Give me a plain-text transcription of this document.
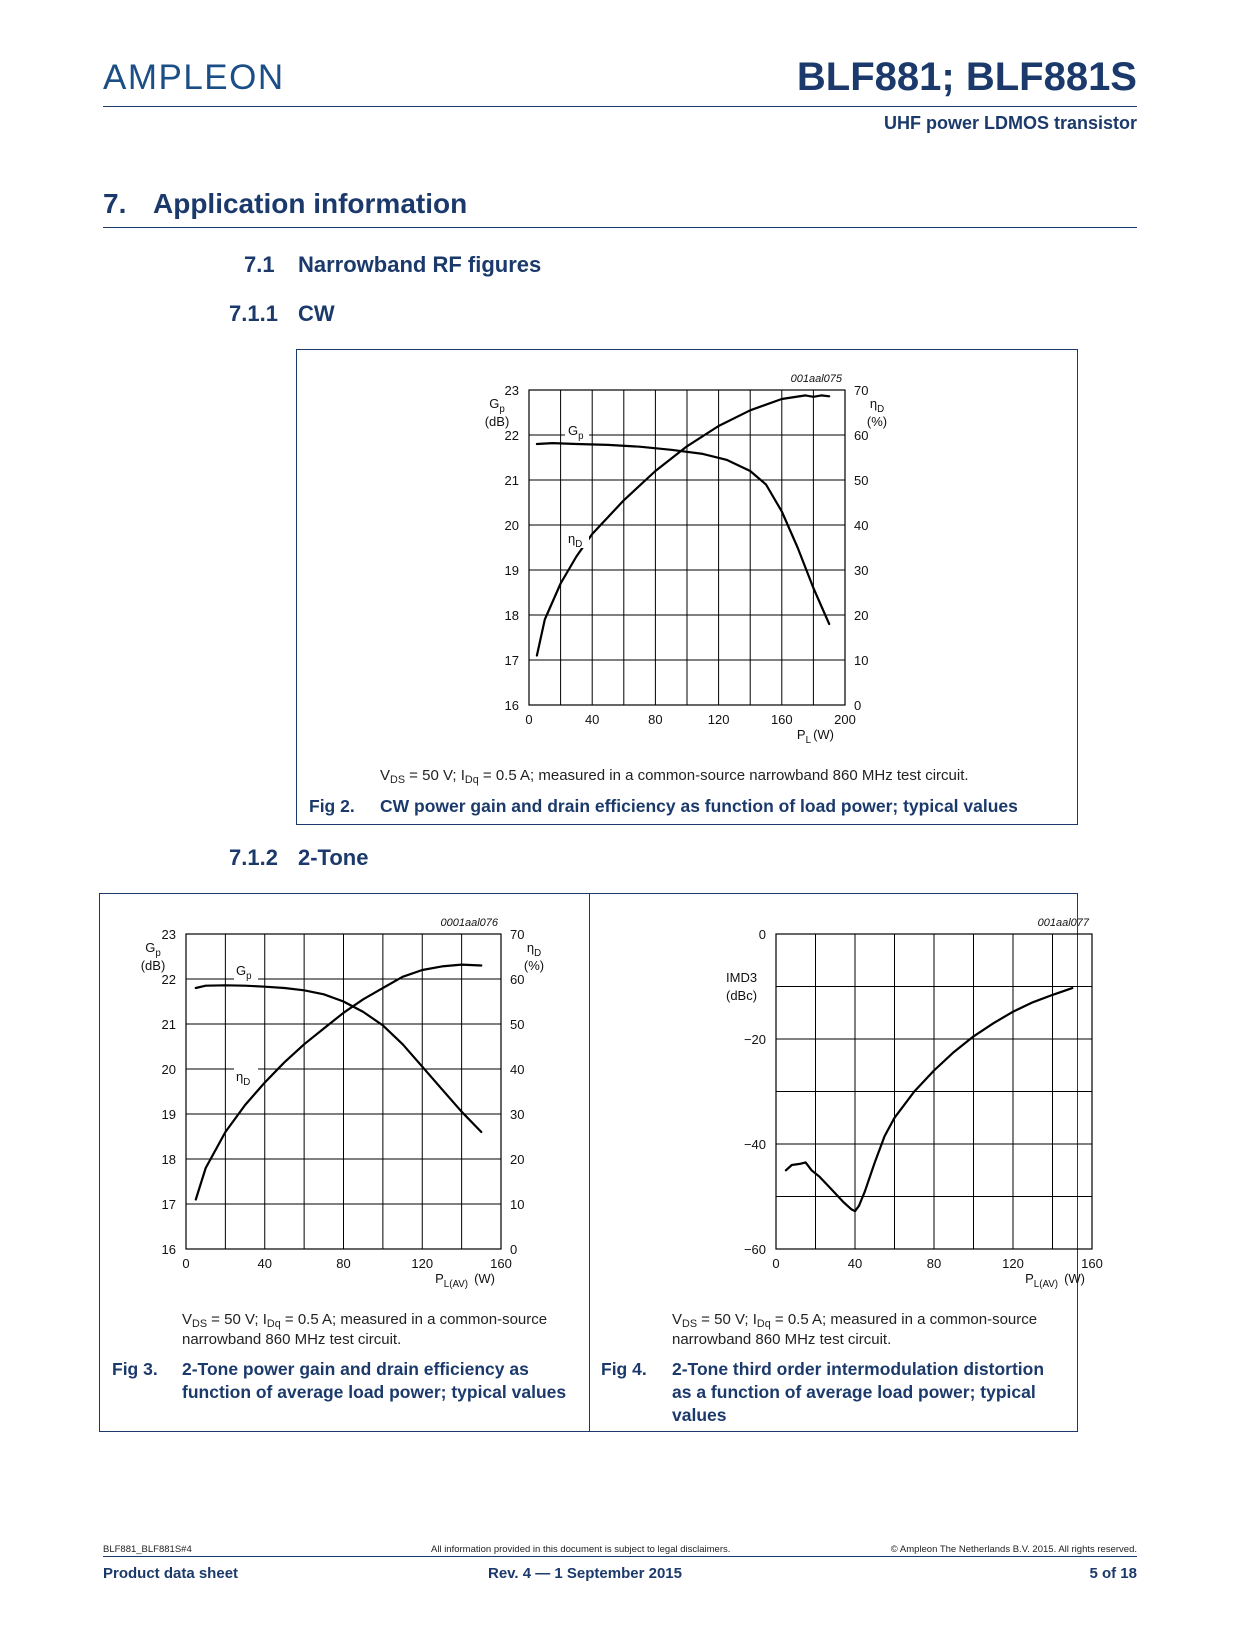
AMPLEON	BLF881; BLF881S
UHF power LDMOS transistor
7. Application information
7.1 Narrowband RF figures
7.1.1 CW
0	40	80	120	160	200
16
17
18
19
20
21
22
23
0
10
20
30
40
50
60
70
001aal075
$G_p$
(dB)
$\eta_D$
(%)
$P_L$ (W)
$G_p$
$\eta_D$
$V_{DS} = 50$ V; $I_{Dq} = 0.5$ A; measured in a common-source narrowband 860 MHz test circuit.
Fig 2. CW power gain and drain efficiency as function of load power; typical values
7.1.2 2-Tone
0	40	80	120	160
16
17
18
19
20
21
22
23
0
10
20
30
40
50
60
70
0001aal076
$G_p$
(dB)
$\eta_D$
(%)
$P_{L(AV)}$ (W)
$G_p$
$\eta_D$
0	40	80	120	160
0
−20
−40
−60
001aal077
IMD3
(dBc)
$P_{L(AV)}$ (W)
$V_{DS} = 50$ V; $I_{Dq} = 0.5$ A; measured in a common-source
narrowband 860 MHz test circuit.
Fig 3. 2-Tone power gain and drain efficiency as
function of average load power; typical values
$V_{DS} = 50$ V; $I_{Dq} = 0.5$ A; measured in a common-source
narrowband 860 MHz test circuit.
Fig 4. 2-Tone third order intermodulation distortion
as a function of average load power; typical
values
BLF881_BLF881S#4	All information provided in this document is subject to legal disclaimers.	© Ampleon The Netherlands B.V. 2015. All rights reserved.
Product data sheet	Rev. 4 — 1 September 2015	5 of 18
